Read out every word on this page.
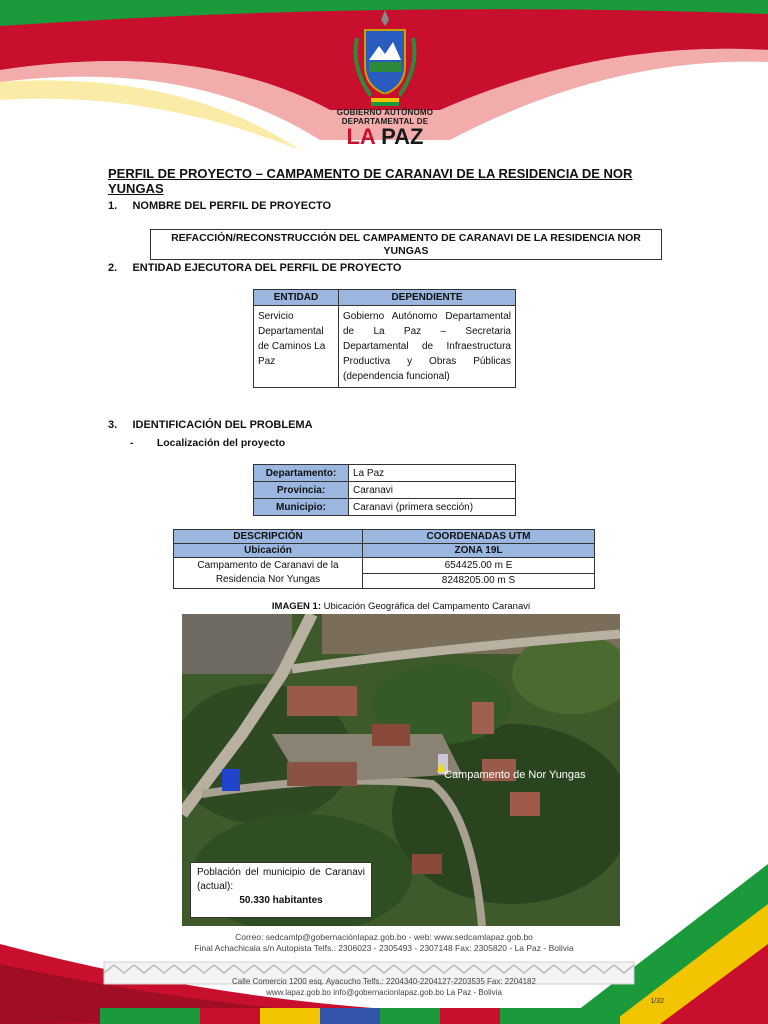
GOBIERNO AUTÓNOMO
DEPARTAMENTAL DE
LA PAZ
PERFIL DE PROYECTO – CAMPAMENTO DE CARANAVI DE LA RESIDENCIA DE NOR YUNGAS
1.     NOMBRE DEL PERFIL DE PROYECTO
REFACCIÓN/RECONSTRUCCIÓN DEL CAMPAMENTO DE CARANAVI DE LA RESIDENCIA NOR YUNGAS
2.     ENTIDAD EJECUTORA DEL PERFIL DE PROYECTO
ENTIDAD	DEPENDIENTE
Servicio Departamental de Caminos La Paz	Gobierno Autónomo Departamental de La Paz – Secretaria Departamental de Infraestructura Productiva y Obras Públicas (dependencia funcional)
3.     IDENTIFICACIÓN DEL PROBLEMA
-        Localización del proyecto
Departamento:	La Paz
Provincia:	Caranavi
Municipio:	Caranavi (primera sección)
DESCRIPCIÓN	COORDENADAS UTM
Ubicación	ZONA 19L
Campamento de Caranavi de la Residencia Nor Yungas	654425.00 m E
	8248205.00 m S
IMAGEN 1: Ubicación Geográfica del Campamento Caranavi
Campamento de Nor Yungas
Población del municipio de Caranavi (actual):
50.330 habitantes
Correo: sedcamlp@gobernaciónlapaz.gob.bo - web: www.sedcamlapaz.gob.bo
Final Achachicala s/n Autopista Telfs.: 2306023 - 2305493 - 2307148 Fax: 2305820 - La Paz - Bolivia
Calle Comercio 1200 esq. Ayacucho Telfs.: 2204340-2204127-2203535 Fax: 2204182
www.lapaz.gob.bo info@gobernacionlapaz.gob.bo La Paz - Bolivia
1/32
